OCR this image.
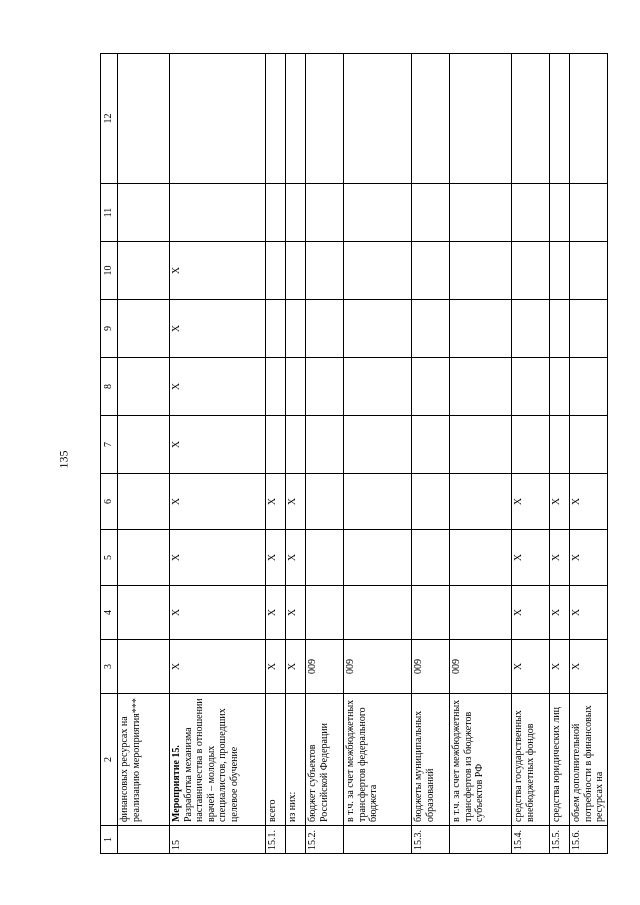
135
1	2	3	4	5	6	7	8	9	10	11	12

	финансовых ресурсах на реализацию мероприятия***										

15	Мероприятие 15. Разработка механизма наставничества в отношении врачей – молодых специалистов, прошедших целевое обучение	X	X	X	X	X	X	X	X		
15.1.	всего	X	X	X	X						

	из них:	X	X	X	X						
15.2.	бюджет субъектов Российской Федерации	009									

	в т.ч. за счет межбюджетных трансфертов федерального бюджета	009									
15.3.	бюджеты муниципальных образований	009									

	в т.ч. за счет межбюджетных трансфертов из бюджетов субъектов РФ	009									
15.4.	средства государственных внебюджетных фондов	X	X	X	X						
15.5.	средства юридических лиц	X	X	X	X						
15.6.	объем дополнительной потребности в финансовых ресурсах на	X	X	X	X						
